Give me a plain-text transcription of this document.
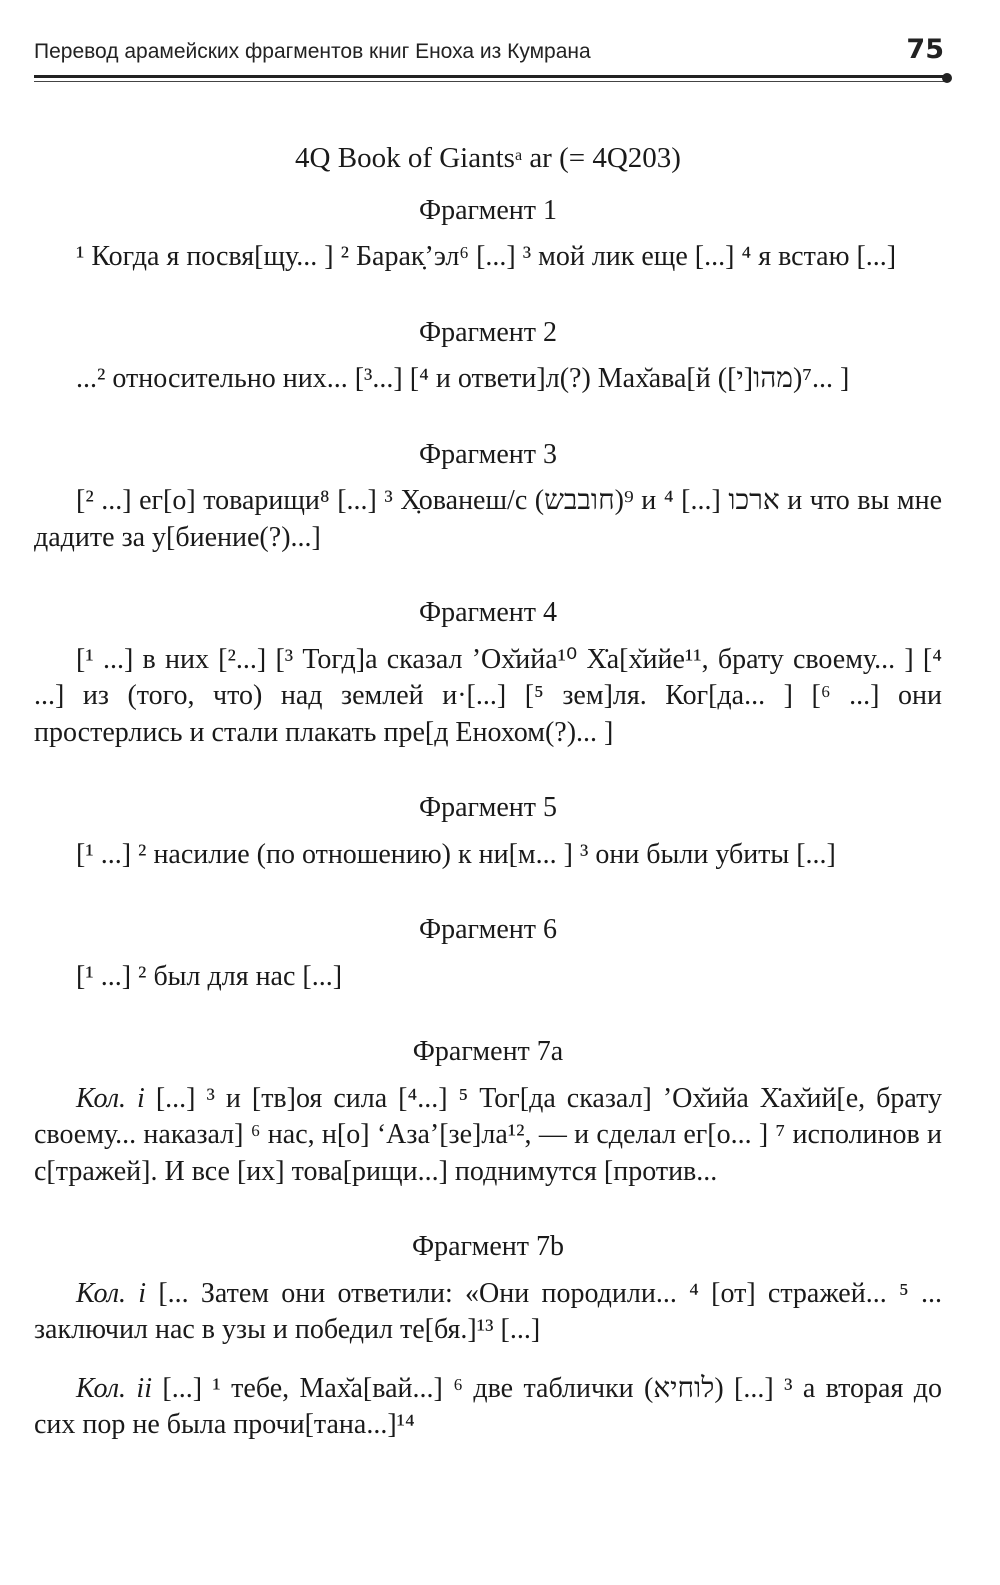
Перевод арамейских фрагментов книг Еноха из Кумрана	75
4Q Book of Giants$^a$ ar (= 4Q203)
Фрагмент 1

¹ Когда я посвя[щу... ] ² Барак̣’эл⁶ [...] ³ мой лик еще [...] ⁴ я встаю [...]

Фрагмент 2

...² относительно них... [³...] [⁴ и ответи]л(?) Мах̆ава[й ([י]מהו)⁷... ]

Фрагмент 3

[² ...] ег[о] товарищи⁸ [...] ³ Х̣ованеш/с (חובבש)⁹ и ארכו [...] ⁴ и что вы мне дадите за у[биение(?)...]

Фрагмент 4

[¹ ...] в них [²...] [³ Тогд]а сказал ’Ох̆ийа¹⁰ Х̇а[х̆ийе¹¹, брату своему... ] [⁴ ...] из (того, что) над землей и·[...] [⁵ зем]ля. Ког[да... ] [⁶ ...] они простерлись и стали плакать пре[д Енохом(?)... ]

Фрагмент 5

[¹ ...] ² насилие (по отношению) к ни[м... ] ³ они были убиты [...]

Фрагмент 6

[¹ ...] ² был для нас [...]

Фрагмент 7а

Кол. i [...] ³ и [тв]оя сила [⁴...] ⁵ Тог[да сказал] ’Ох̆ийа Х̇ах̆ий[е, брату своему... наказал] ⁶ нас, н[о] ‘Аза’[зе]ла¹², — и сделал ег[о... ] ⁷ исполинов и с[тражей]. И все [их] това[рищи...] поднимутся [против...

Фрагмент 7b

Кол. i [... Затем они ответили: «Они породили... ⁴ [от] стражей... ⁵ ... заключил нас в узы и победил те[бя.]¹³ [...]

Кол. ii [...] ¹ тебе, Мах̆а[вай...] ⁶ две таблички (לוחיא) [...] ³ а вторая до сих пор не была прочи[тана...]¹⁴
